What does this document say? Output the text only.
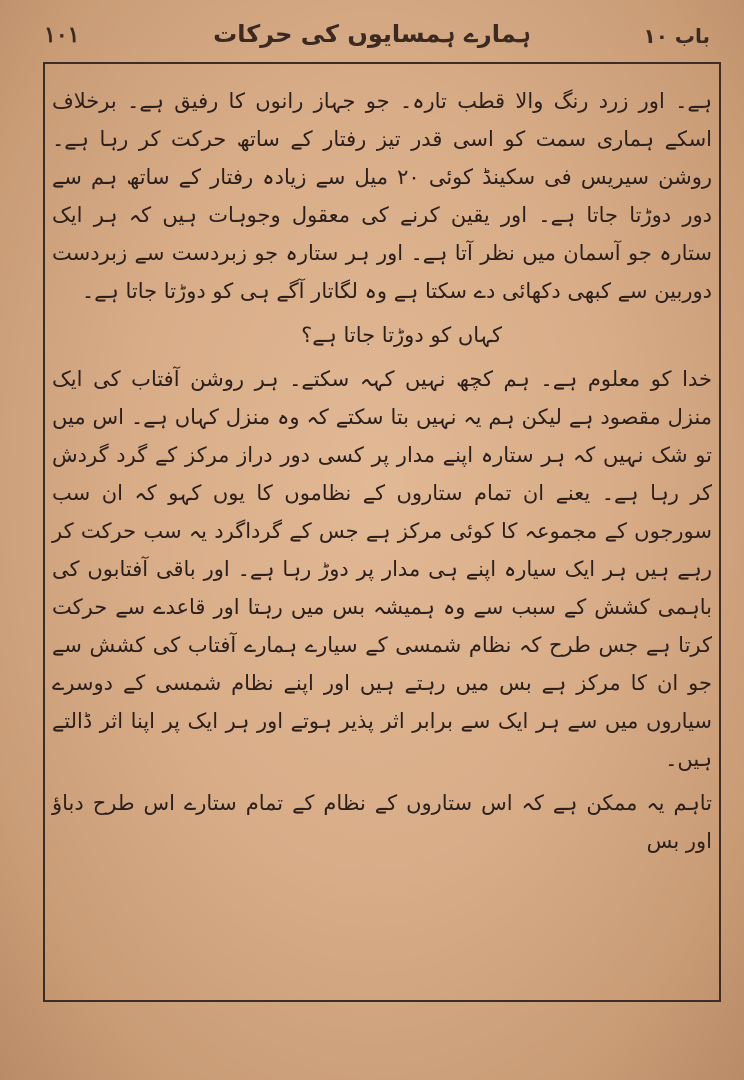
۱۰۱	ہمارے ہمسایوں کی حرکات	باب ۱۰

ہے۔ اور زرد رنگ والا قطب تارہ۔ جو جہاز رانوں کا رفیق ہے۔ برخلاف اسکے ہماری سمت کو اسی قدر تیز رفتار کے ساتھ حرکت کر رہا ہے۔ روشن سیریس فی سکینڈ کوئی ۲۰ میل سے زیادہ رفتار کے ساتھ ہم سے دور دوڑتا جاتا ہے۔ اور یقین کرنے کی معقول وجوہات ہیں کہ ہر ایک ستارہ جو آسمان میں نظر آتا ہے۔ اور ہر ستارہ جو زبردست سے زبردست دوربین سے کبھی دکھائی دے سکتا ہے وہ لگاتار آگے ہی کو دوڑتا جاتا ہے۔

کہاں کو دوڑتا جاتا ہے؟

خدا کو معلوم ہے۔ ہم کچھ نہیں کہہ سکتے۔ ہر روشن آفتاب کی ایک منزل مقصود ہے لیکن ہم یہ نہیں بتا سکتے کہ وہ منزل کہاں ہے۔ اس میں تو شک نہیں کہ ہر ستارہ اپنے مدار پر کسی دور دراز مرکز کے گرد گردش کر رہا ہے۔ یعنے ان تمام ستاروں کے نظاموں کا یوں کہو کہ ان سب سورجوں کے مجموعہ کا کوئی مرکز ہے جس کے گرداگرد یہ سب حرکت کر رہے ہیں ہر ایک سیارہ اپنے ہی مدار پر دوڑ رہا ہے۔ اور باقی آفتابوں کی باہمی کشش کے سبب سے وہ ہمیشہ بس میں رہتا اور قاعدے سے حرکت کرتا ہے جس طرح کہ نظام شمسی کے سیارے ہمارے آفتاب کی کشش سے جو ان کا مرکز ہے بس میں رہتے ہیں اور اپنے نظام شمسی کے دوسرے سیاروں میں سے ہر ایک سے برابر اثر پذیر ہوتے اور ہر ایک پر اپنا اثر ڈالتے ہیں۔

تاہم یہ ممکن ہے کہ اس ستاروں کے نظام کے تمام ستارے اس طرح دباؤ اور بس
